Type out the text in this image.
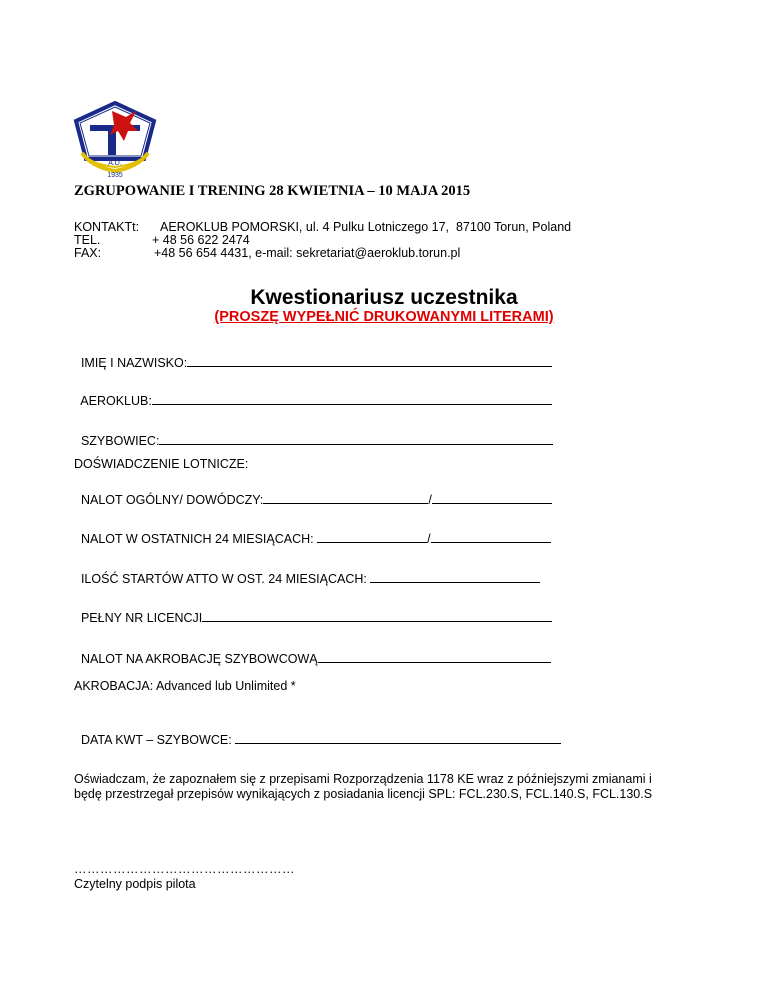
A.D.
1935
ZGRUPOWANIE I TRENING 28 KWIETNIA – 10 MAJA 2015
KONTAKTt: AEROKLUB POMORSKI, ul. 4 Pulku Lotniczego 17,  87100 Torun, Poland
TEL.	+ 48 56 622 2474
FAX:	+48 56 654 4431, e-mail: sekretariat@aeroklub.torun.pl
Kwestionariusz uczestnika
(PROSZĘ WYPEŁNIĆ DRUKOWANYMI LITERAMI)

IMIĘ I NAZWISKO:

AEROKLUB:

SZYBOWIEC:

DOŚWIADCZENIE LOTNICZE:

NALOT OGÓLNY/ DOWÓDCZY:	/

NALOT W OSTATNICH 24 MIESIĄCACH:	/

ILOŚĆ STARTÓW ATTO W OST. 24 MIESIĄCACH:

PEŁNY NR LICENCJI

NALOT NA AKROBACJĘ SZYBOWCOWĄ

AKROBACJA: Advanced lub Unlimited *

DATA KWT – SZYBOWCE:

Oświadczam, że zapoznałem się z przepisami Rozporządzenia 1178 KE wraz z późniejszymi zmianami i
będę przestrzegał przepisów wynikających z posiadania licencji SPL: FCL.230.S, FCL.140.S, FCL.130.S
……………………………………………
Czytelny podpis pilota
